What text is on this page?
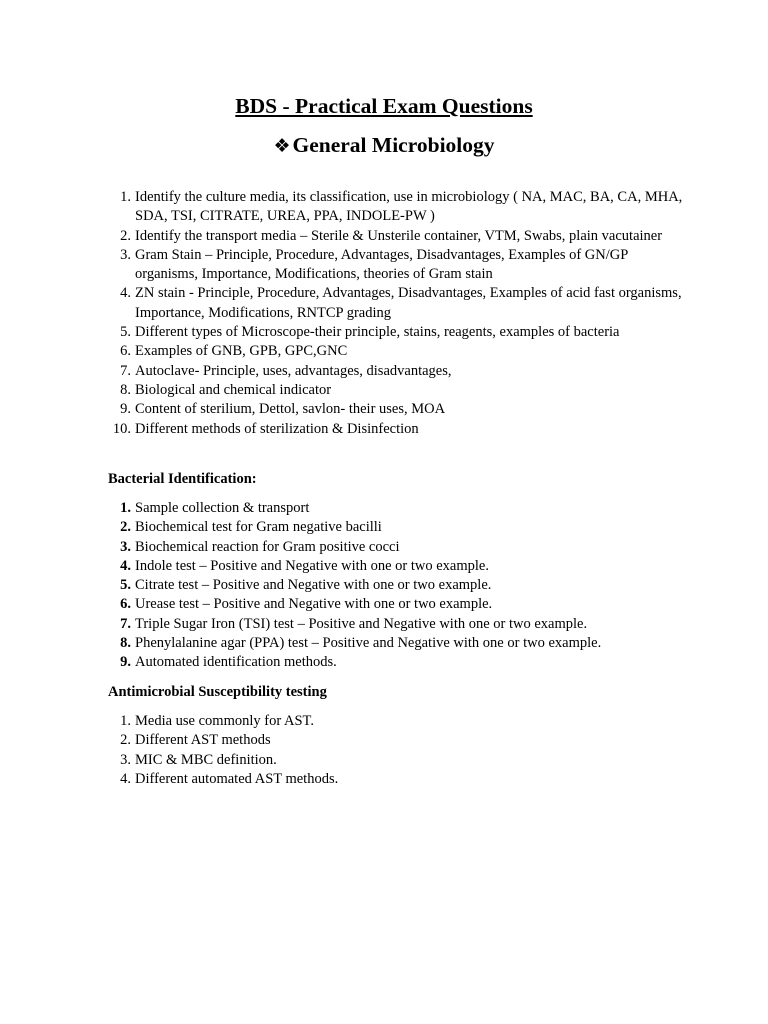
BDS - Practical Exam Questions
❖General Microbiology
1. Identify the culture media, its classification, use in microbiology ( NA, MAC, BA, CA, MHA, SDA, TSI, CITRATE, UREA, PPA, INDOLE-PW )
2. Identify the transport media – Sterile & Unsterile container, VTM, Swabs, plain vacutainer
3. Gram Stain – Principle, Procedure, Advantages, Disadvantages, Examples of GN/GP organisms, Importance, Modifications, theories of Gram stain
4. ZN stain - Principle, Procedure, Advantages, Disadvantages, Examples of acid fast organisms, Importance, Modifications, RNTCP grading
5. Different types of Microscope-their principle, stains, reagents, examples of bacteria
6. Examples of GNB, GPB, GPC,GNC
7. Autoclave- Principle, uses, advantages, disadvantages,
8. Biological and chemical indicator
9. Content of sterilium, Dettol, savlon- their uses, MOA
10. Different methods of sterilization & Disinfection
Bacterial Identification:
1. Sample collection & transport
2. Biochemical test for Gram negative bacilli
3. Biochemical reaction for Gram positive cocci
4. Indole test – Positive and Negative with one or two example.
5. Citrate test – Positive and Negative with one or two example.
6. Urease test – Positive and Negative with one or two example.
7. Triple Sugar Iron (TSI) test – Positive and Negative with one or two example.
8. Phenylalanine agar (PPA) test – Positive and Negative with one or two example.
9. Automated identification methods.
Antimicrobial Susceptibility testing
1. Media use commonly for AST.
2. Different AST methods
3. MIC & MBC definition.
4. Different automated AST methods.
